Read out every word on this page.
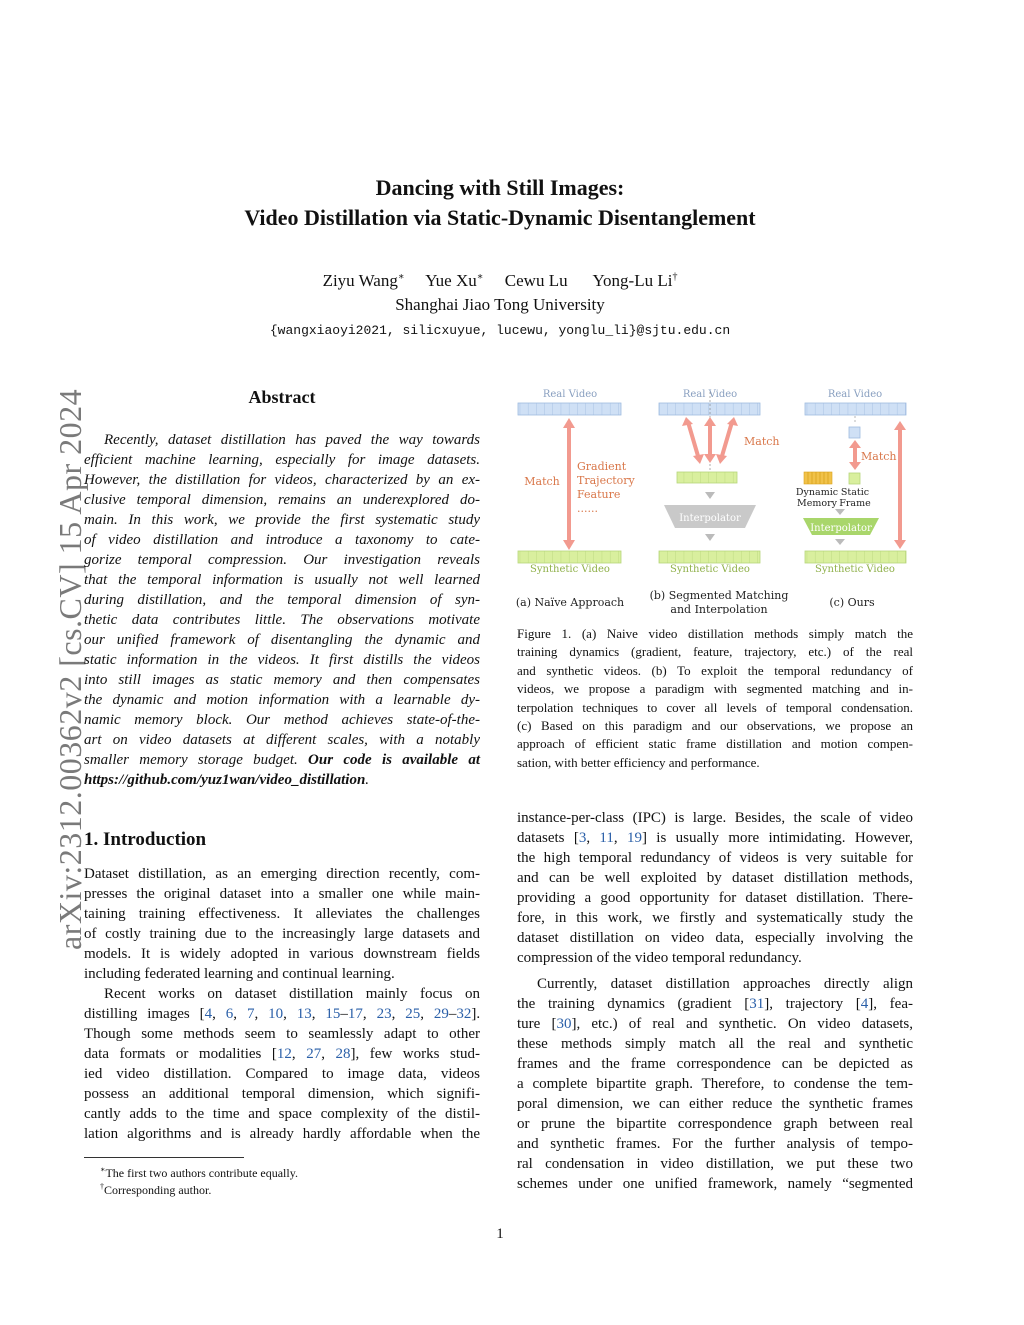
arXiv:2312.00362v2 [cs.CV] 15 Apr 2024
Dancing with Still Images:
Video Distillation via Static-Dynamic Disentanglement
Ziyu Wang∗ Yue Xu∗ Cewu Lu Yong-Lu Li†
Shanghai Jiao Tong University
{wangxiaoyi2021, silicxuyue, lucewu, yonglu_li}@sjtu.edu.cn
Abstract
Recently, dataset distillation has paved the way towards
efficient machine learning, especially for image datasets.
However, the distillation for videos, characterized by an ex-
clusive temporal dimension, remains an underexplored do-
main. In this work, we provide the first systematic study
of video distillation and introduce a taxonomy to cate-
gorize temporal compression. Our investigation reveals
that the temporal information is usually not well learned
during distillation, and the temporal dimension of syn-
thetic data contributes little. The observations motivate
our unified framework of disentangling the dynamic and
static information in the videos. It first distills the videos
into still images as static memory and then compensates
the dynamic and motion information with a learnable dy-
namic memory block. Our method achieves state-of-the-
art on video datasets at different scales, with a notably
smaller memory storage budget. Our code is available at
https://github.com/yuz1wan/video_distillation.
1. Introduction
Dataset distillation, as an emerging direction recently, com-
presses the original dataset into a smaller one while main-
taining training effectiveness. It alleviates the challenges
of costly training due to the increasingly large datasets and
models. It is widely adopted in various downstream fields
including federated learning and continual learning.
Recent works on dataset distillation mainly focus on
distilling images [4, 6, 7, 10, 13, 15–17, 23, 25, 29–32].
Though some methods seem to seamlessly adapt to other
data formats or modalities [12, 27, 28], few works stud-
ied video distillation. Compared to image data, videos
possess an additional temporal dimension, which signifi-
cantly adds to the time and space complexity of the distil-
lation algorithms and is already hardly affordable when the
∗The first two authors contribute equally.
†Corresponding author.
Real Video
Match
Gradient
Trajectory
Feature
......
Synthetic Video
Real Video
Match
Interpolator
Synthetic Video
Real Video
Match
Dynamic
Memory
Static
Frame
Interpolator
Synthetic Video
(a) Naïve Approach
(b) Segmented Matching
and Interpolation
(c) Ours
Figure 1. (a) Naive video distillation methods simply match the
training dynamics (gradient, feature, trajectory, etc.) of the real
and synthetic videos. (b) To exploit the temporal redundancy of
videos, we propose a paradigm with segmented matching and in-
terpolation techniques to cover all levels of temporal condensation.
(c) Based on this paradigm and our observations, we propose an
approach of efficient static frame distillation and motion compen-
sation, with better efficiency and performance.
instance-per-class (IPC) is large. Besides, the scale of video
datasets [3, 11, 19] is usually more intimidating. However,
the high temporal redundancy of videos is very suitable for
and can be well exploited by dataset distillation methods,
providing a good opportunity for dataset distillation. There-
fore, in this work, we firstly and systematically study the
dataset distillation on video data, especially involving the
compression of the video temporal redundancy.
Currently, dataset distillation approaches directly align
the training dynamics (gradient [31], trajectory [4], fea-
ture [30], etc.) of real and synthetic. On video datasets,
these methods simply match all the real and synthetic
frames and the frame correspondence can be depicted as
a complete bipartite graph. Therefore, to condense the tem-
poral dimension, we can either reduce the synthetic frames
or prune the bipartite correspondence graph between real
and synthetic frames. For the further analysis of tempo-
ral condensation in video distillation, we put these two
schemes under one unified framework, namely “segmented
1
